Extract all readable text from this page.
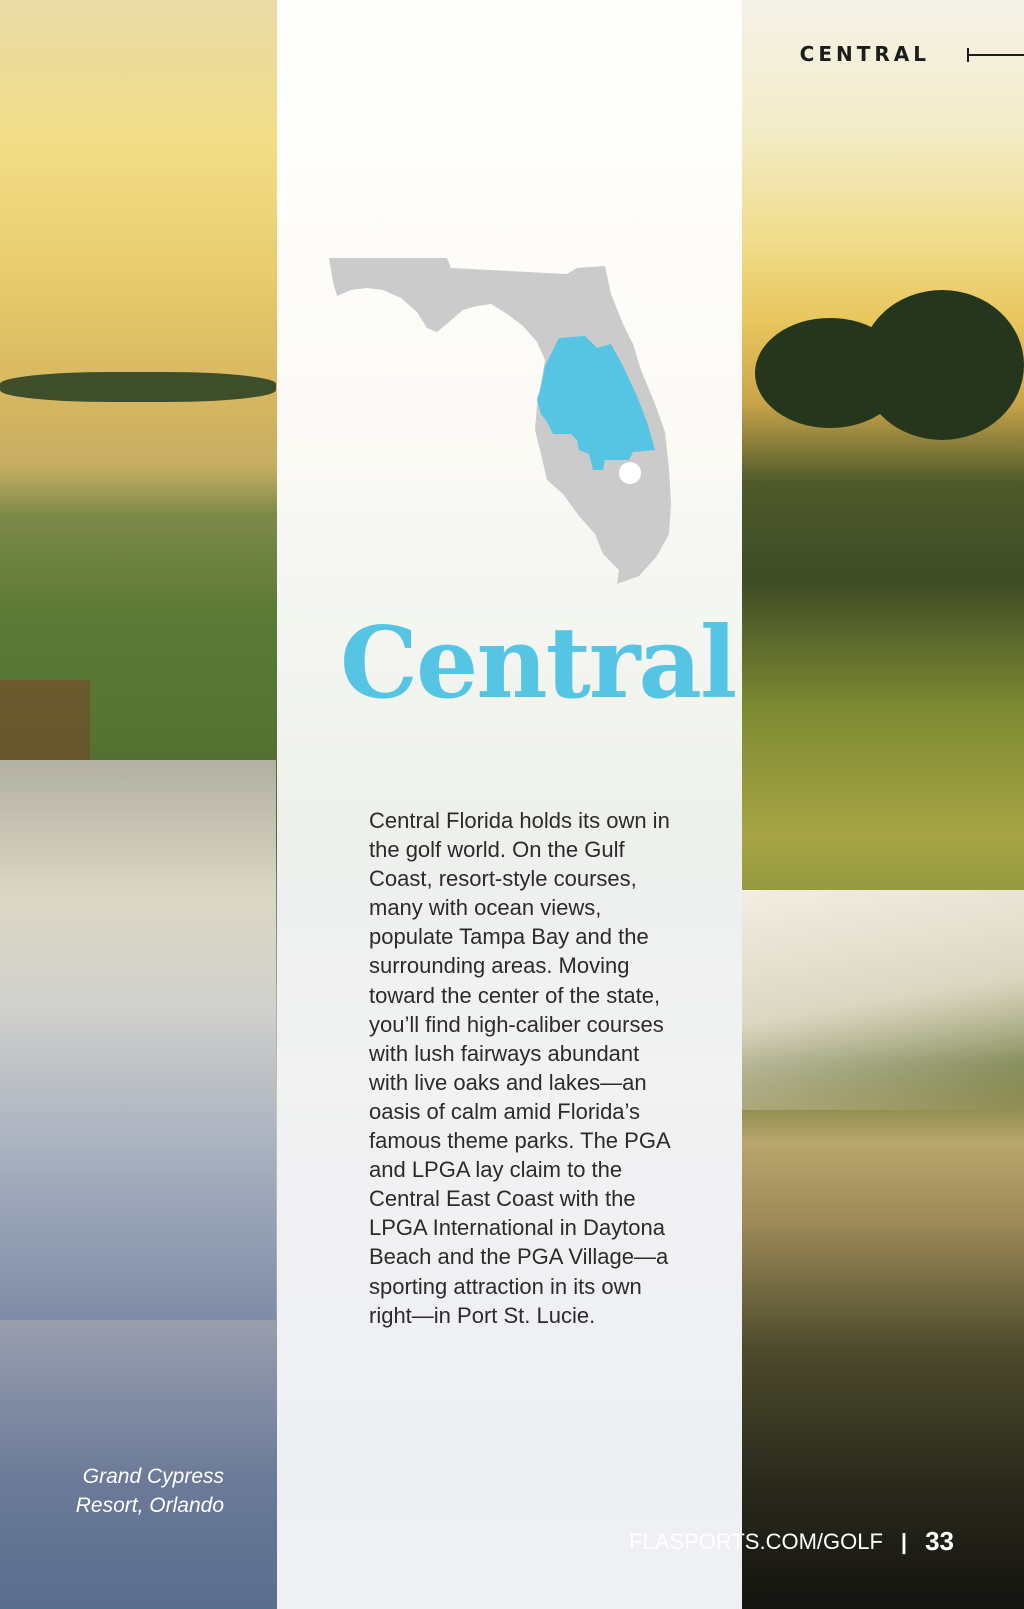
CENTRAL
Central
Central Florida holds its own in the golf world. On the Gulf Coast, resort-style courses, many with ocean views, populate Tampa Bay and the surrounding areas. Moving toward the center of the state, you’ll find high-caliber courses with lush fairways abundant with live oaks and lakes—an oasis of calm amid Florida’s famous theme parks. The PGA and LPGA lay claim to the Central East Coast with the LPGA International in Daytona Beach and the PGA Village—a sporting attraction in its own right—in Port St. Lucie.
Grand Cypress
Resort, Orlando
FLASPORTS.COM/GOLF | 33
